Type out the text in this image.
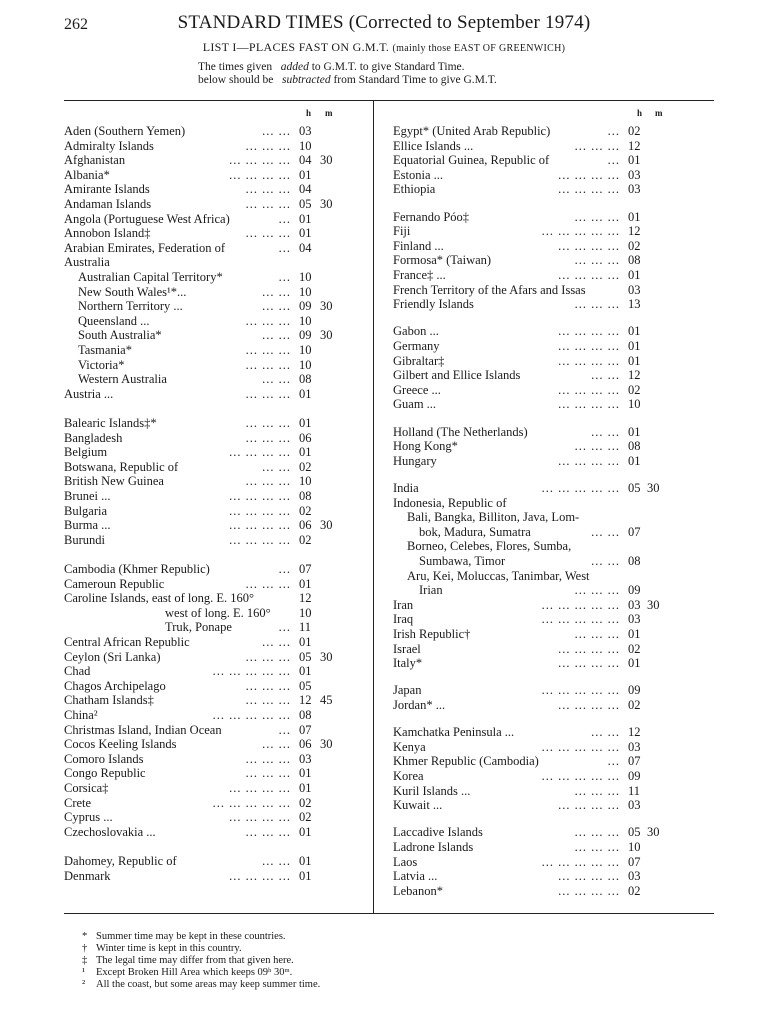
262	STANDARD TIMES (Corrected to September 1974)
LIST I—PLACES FAST ON G.M.T. (mainly those EAST OF GREENWICH)
The times given added to G.M.T. to give Standard Time.
below should be subtracted from Standard Time to give G.M.T.
h m	h m
Aden (Southern Yemen)	... ... 03
Admiralty Islands	... ... ... 10
Afghanistan	... ... ... ... 04 30
Albania*	... ... ... ... 01
Amirante Islands	... ... ... 04
Andaman Islands	... ... ... 05 30
Angola (Portuguese West Africa)	... 01
Annobon Island‡	... ... ... 01
Arabian Emirates, Federation of	... 04
Australia
Australian Capital Territory*	... 10
New South Wales¹*...	... ... 10
Northern Territory ...	... ... 09 30
Queensland ...	... ... ... 10
South Australia*	... ... 09 30
Tasmania*	... ... ... 10
Victoria*	... ... ... 10
Western Australia	... ... 08
Austria ...	... ... ... 01
Balearic Islands‡*	... ... ... 01
Bangladesh	... ... ... 06
Belgium	... ... ... ... 01
Botswana, Republic of	... ... 02
British New Guinea	... ... ... 10
Brunei ...	... ... ... ... 08
Bulgaria	... ... ... ... 02
Burma ...	... ... ... ... 06 30
Burundi	... ... ... ... 02
Cambodia (Khmer Republic)	... 07
Cameroun Republic	... ... ... 01
Caroline Islands, east of long. E. 160°	12
west of long. E. 160° 10
Truk, Ponape	... 11
Central African Republic	... ... 01
Ceylon (Sri Lanka)	... ... ... 05 30
Chad	... ... ... ... ... 01
Chagos Archipelago	... ... ... 05
Chatham Islands‡	... ... ... 12 45
China²	... ... ... ... ... 08
Christmas Island, Indian Ocean	... 07
Cocos Keeling Islands	... ... 06 30
Comoro Islands	... ... ... 03
Congo Republic	... ... ... 01
Corsica‡	... ... ... ... 01
Crete	... ... ... ... ... 02
Cyprus ...	... ... ... ... 02
Czechoslovakia ...	... ... ... 01
Dahomey, Republic of	... ... 01
Denmark	... ... ... ... 01
Egypt* (United Arab Republic)	... 02
Ellice Islands ...	... ... ... 12
Equatorial Guinea, Republic of	... 01
Estonia ...	... ... ... ... 03
Ethiopia	... ... ... ... 03
Fernando Póo‡	... ... ... 01
Fiji	... ... ... ... ... 12
Finland ...	... ... ... ... 02
Formosa* (Taiwan)	... ... ... 08
France‡ ...	... ... ... ... 01
French Territory of the Afars and Issas	03
Friendly Islands	... ... ... 13
Gabon ...	... ... ... ... 01
Germany	... ... ... ... 01
Gibraltar‡	... ... ... ... 01
Gilbert and Ellice Islands	... ... 12
Greece ...	... ... ... ... 02
Guam ...	... ... ... ... 10
Holland (The Netherlands)	... ... 01
Hong Kong*	... ... ... 08
Hungary	... ... ... ... 01
India	... ... ... ... ... 05 30
Indonesia, Republic of
Bali, Bangka, Billiton, Java, Lom-
bok, Madura, Sumatra	... ... 07
Borneo, Celebes, Flores, Sumba,
Sumbawa, Timor	... ... 08
Aru, Kei, Moluccas, Tanimbar, West
Irian	... ... ... 09
Iran	... ... ... ... ... 03 30
Iraq	... ... ... ... ... 03
Irish Republic†	... ... ... 01
Israel	... ... ... ... 02
Italy*	... ... ... ... 01
Japan	... ... ... ... ... 09
Jordan* ...	... ... ... ... 02
Kamchatka Peninsula ...	... ... 12
Kenya	... ... ... ... ... 03
Khmer Republic (Cambodia)	... 07
Korea	... ... ... ... ... 09
Kuril Islands ...	... ... ... 11
Kuwait ...	... ... ... ... 03
Laccadive Islands	... ... ... 05 30
Ladrone Islands	... ... ... 10
Laos	... ... ... ... ... 07
Latvia ...	... ... ... ... 03
Lebanon*	... ... ... ... 02
* Summer time may be kept in these countries.
† Winter time is kept in this country.
‡ The legal time may differ from that given here.
¹ Except Broken Hill Area which keeps 09ʰ 30ᵐ.
² All the coast, but some areas may keep summer time.
